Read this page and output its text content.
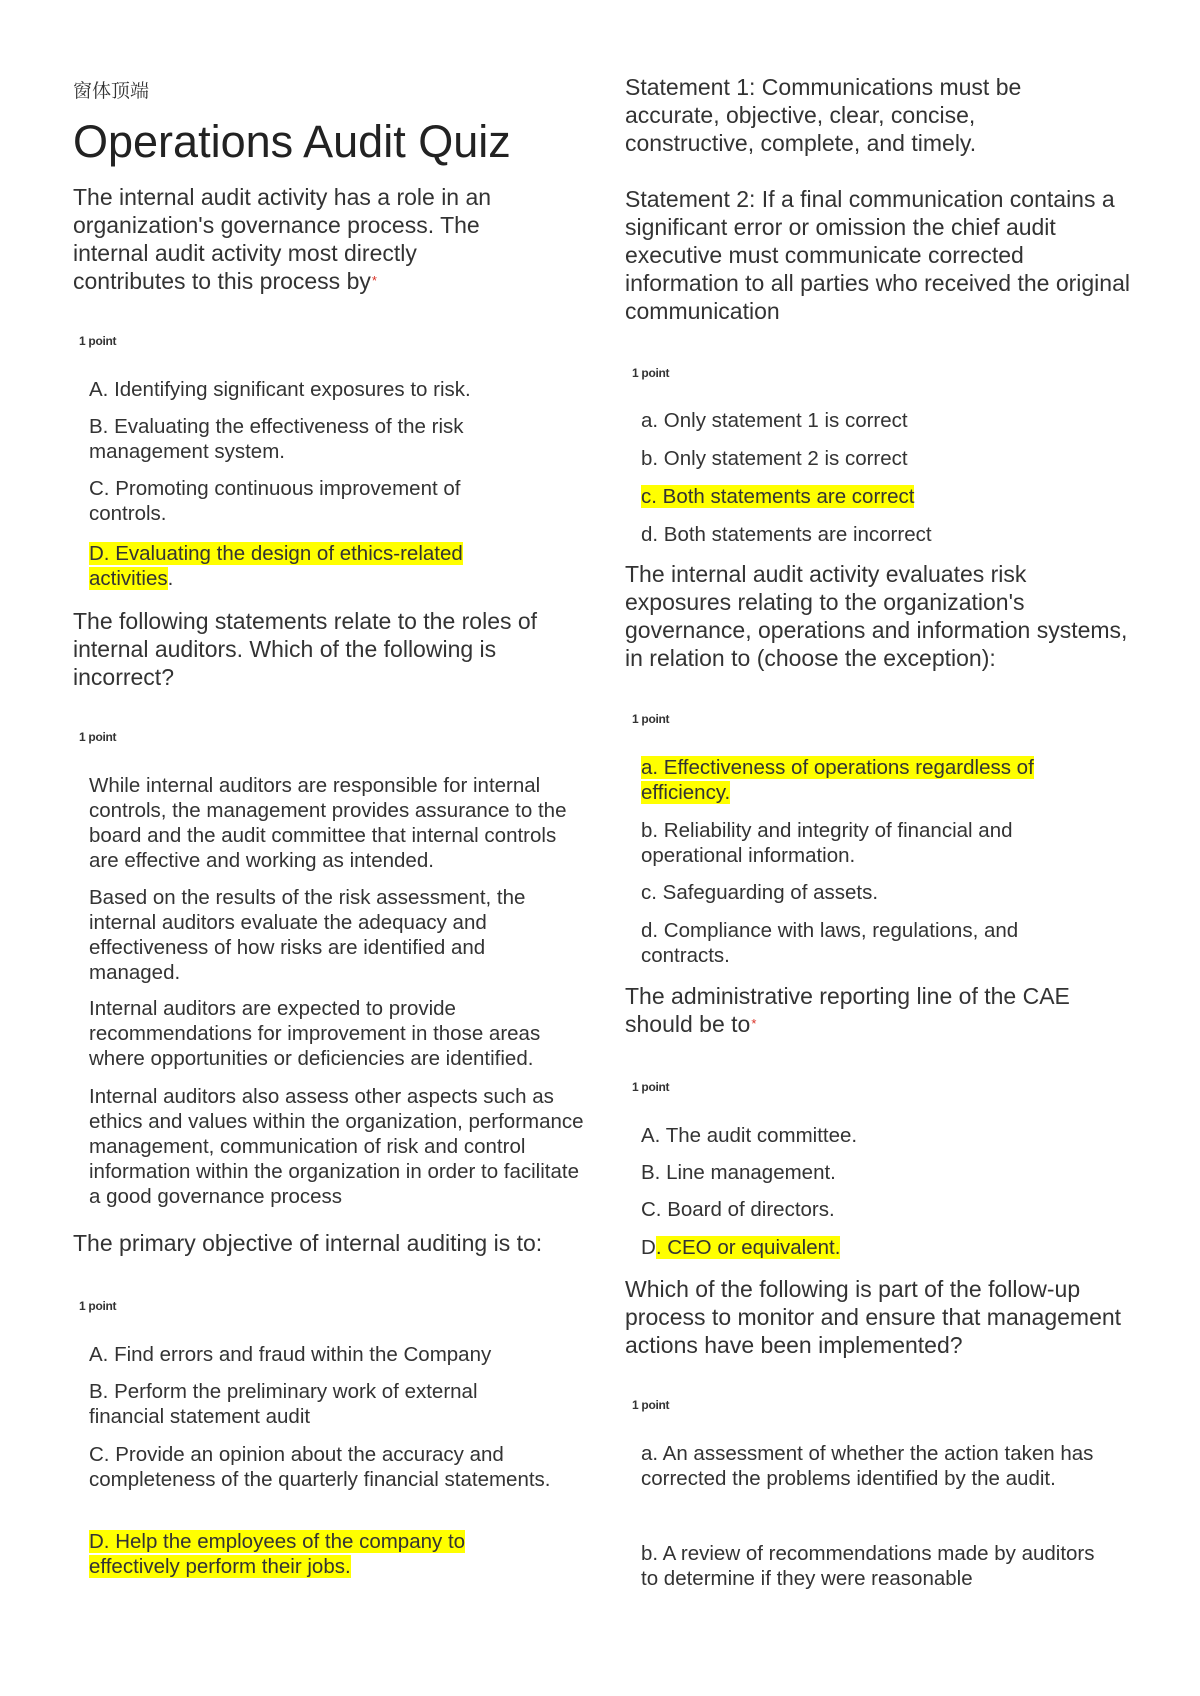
窗体顶端
Operations Audit Quiz

The internal audit activity has a role in an organization's governance process. The internal audit activity most directly contributes to this process by*

1 point

A. Identifying significant exposures to risk.

B. Evaluating the effectiveness of the risk management system.

C. Promoting continuous improvement of controls.

D. Evaluating the design of ethics-related activities.

The following statements relate to the roles of internal auditors. Which of the following is incorrect?

1 point

While internal auditors are responsible for internal controls, the management provides assurance to the board and the audit committee that internal controls are effective and working as intended.

Based on the results of the risk assessment, the internal auditors evaluate the adequacy and effectiveness of how risks are identified and managed.

Internal auditors are expected to provide recommendations for improvement in those areas where opportunities or deficiencies are identified.

Internal auditors also assess other aspects such as ethics and values within the organization, performance management, communication of risk and control information within the organization in order to facilitate a good governance process

The primary objective of internal auditing is to:

1 point

A. Find errors and fraud within the Company

B. Perform the preliminary work of external financial statement audit

C. Provide an opinion about the accuracy and completeness of the quarterly financial statements.

D. Help the employees of the company to effectively perform their jobs.

Statement 1: Communications must be accurate, objective, clear, concise, constructive, complete, and timely.

Statement 2: If a final communication contains a significant error or omission the chief audit executive must communicate corrected information to all parties who received the original communication

1 point

a. Only statement 1 is correct

b. Only statement 2 is correct

c. Both statements are correct

d. Both statements are incorrect

The internal audit activity evaluates risk exposures relating to the organization's governance, operations and information systems, in relation to (choose the exception):

1 point

a. Effectiveness of operations regardless of efficiency.

b. Reliability and integrity of financial and operational information.

c. Safeguarding of assets.

d. Compliance with laws, regulations, and contracts.

The administrative reporting line of the CAE should be to*

1 point

A. The audit committee.

B. Line management.

C. Board of directors.

D. CEO or equivalent.

Which of the following is part of the follow-up process to monitor and ensure that management actions have been implemented?

1 point

a. An assessment of whether the action taken has corrected the problems identified by the audit.

b. A review of recommendations made by auditors to determine if they were reasonable
